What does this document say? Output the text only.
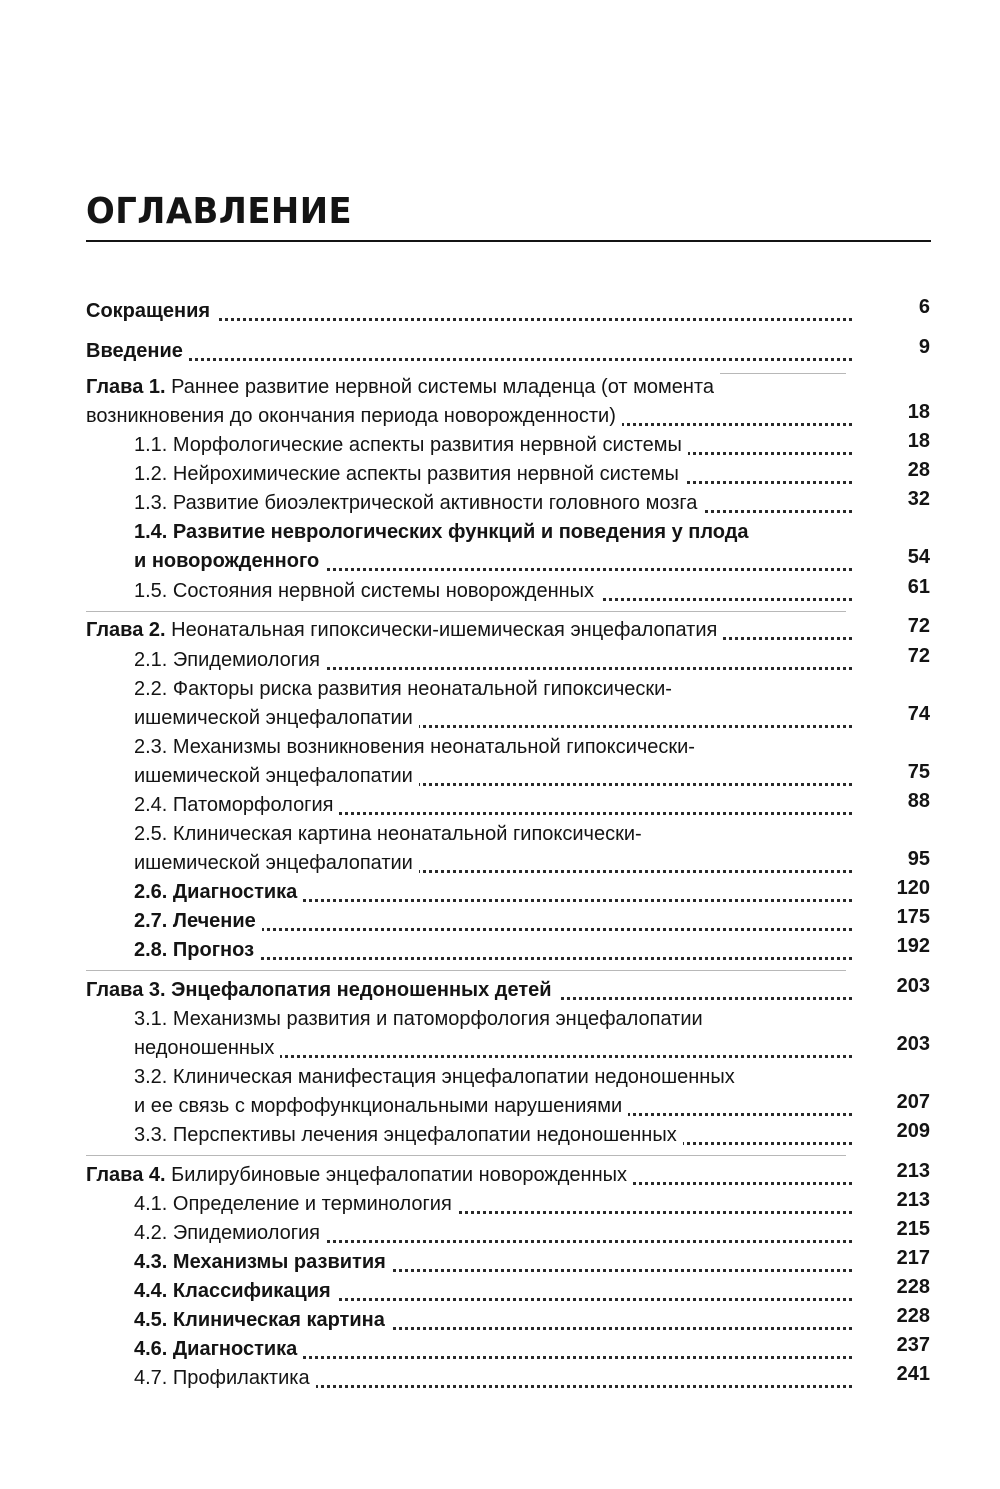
ОГЛАВЛЕНИЕ
Сокращения	6
Введение	9
Глава 1. Раннее развитие нервной системы младенца (от момента
возникновения до окончания периода новорожденности)	18
1.1. Морфологические аспекты развития нервной системы	18
1.2. Нейрохимические аспекты развития нервной системы	28
1.3. Развитие биоэлектрической активности головного мозга	32
1.4. Развитие неврологических функций и поведения у плода
и новорожденного	54
1.5. Состояния нервной системы новорожденных	61
Глава 2. Неонатальная гипоксически-ишемическая энцефалопатия	72
2.1. Эпидемиология	72
2.2. Факторы риска развития неонатальной гипоксически-
ишемической энцефалопатии	74
2.3. Механизмы возникновения неонатальной гипоксически-
ишемической энцефалопатии	75
2.4. Патоморфология	88
2.5. Клиническая картина неонатальной гипоксически-
ишемической энцефалопатии	95
2.6. Диагностика	120
2.7. Лечение	175
2.8. Прогноз	192
Глава 3. Энцефалопатия недоношенных детей	203
3.1. Механизмы развития и патоморфология энцефалопатии
недоношенных	203
3.2. Клиническая манифестация энцефалопатии недоношенных
и ее связь с морфофункциональными нарушениями	207
3.3. Перспективы лечения энцефалопатии недоношенных	209
Глава 4. Билирубиновые энцефалопатии новорожденных	213
4.1. Определение и терминология	213
4.2. Эпидемиология	215
4.3. Механизмы развития	217
4.4. Классификация	228
4.5. Клиническая картина	228
4.6. Диагностика	237
4.7. Профилактика	241
